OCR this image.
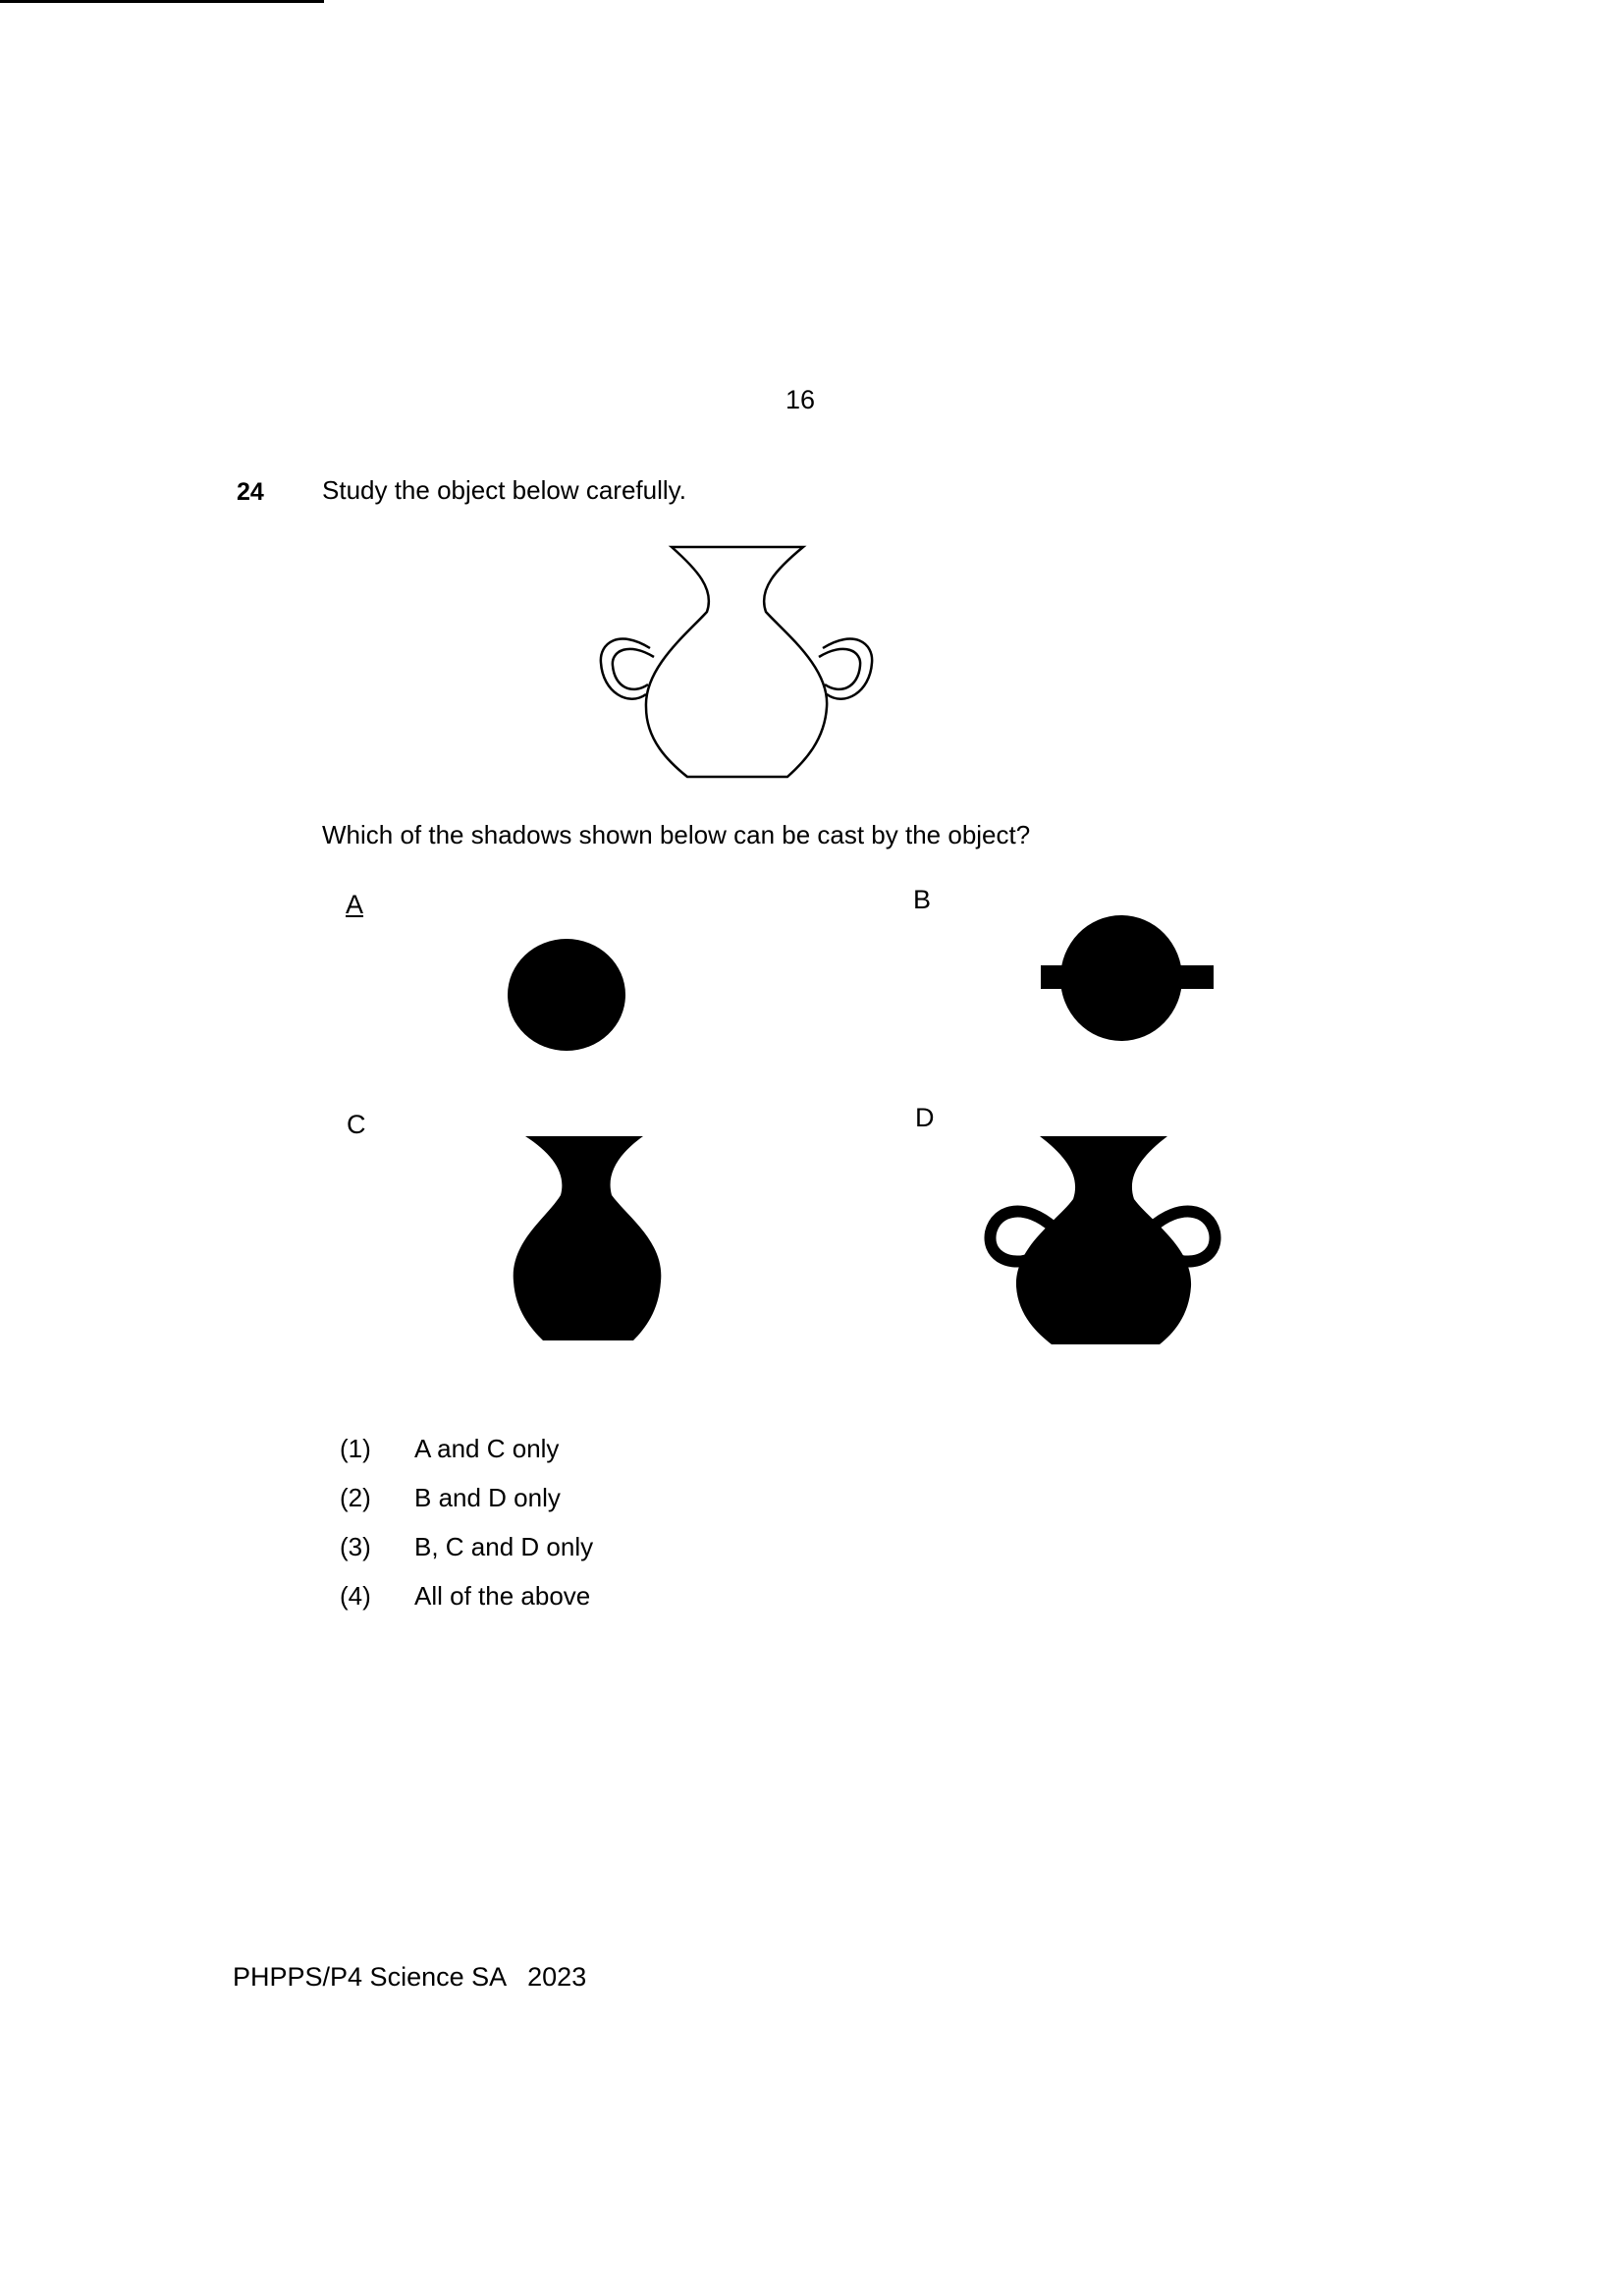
16
24 Study the object below carefully.
Which of the shadows shown below can be cast by the object?
A	B
C	D
(1)	A and C only
(2)	B and D only
(3)	B, C and D only
(4)	All of the above
PHPPS/P4 Science SA   2023
